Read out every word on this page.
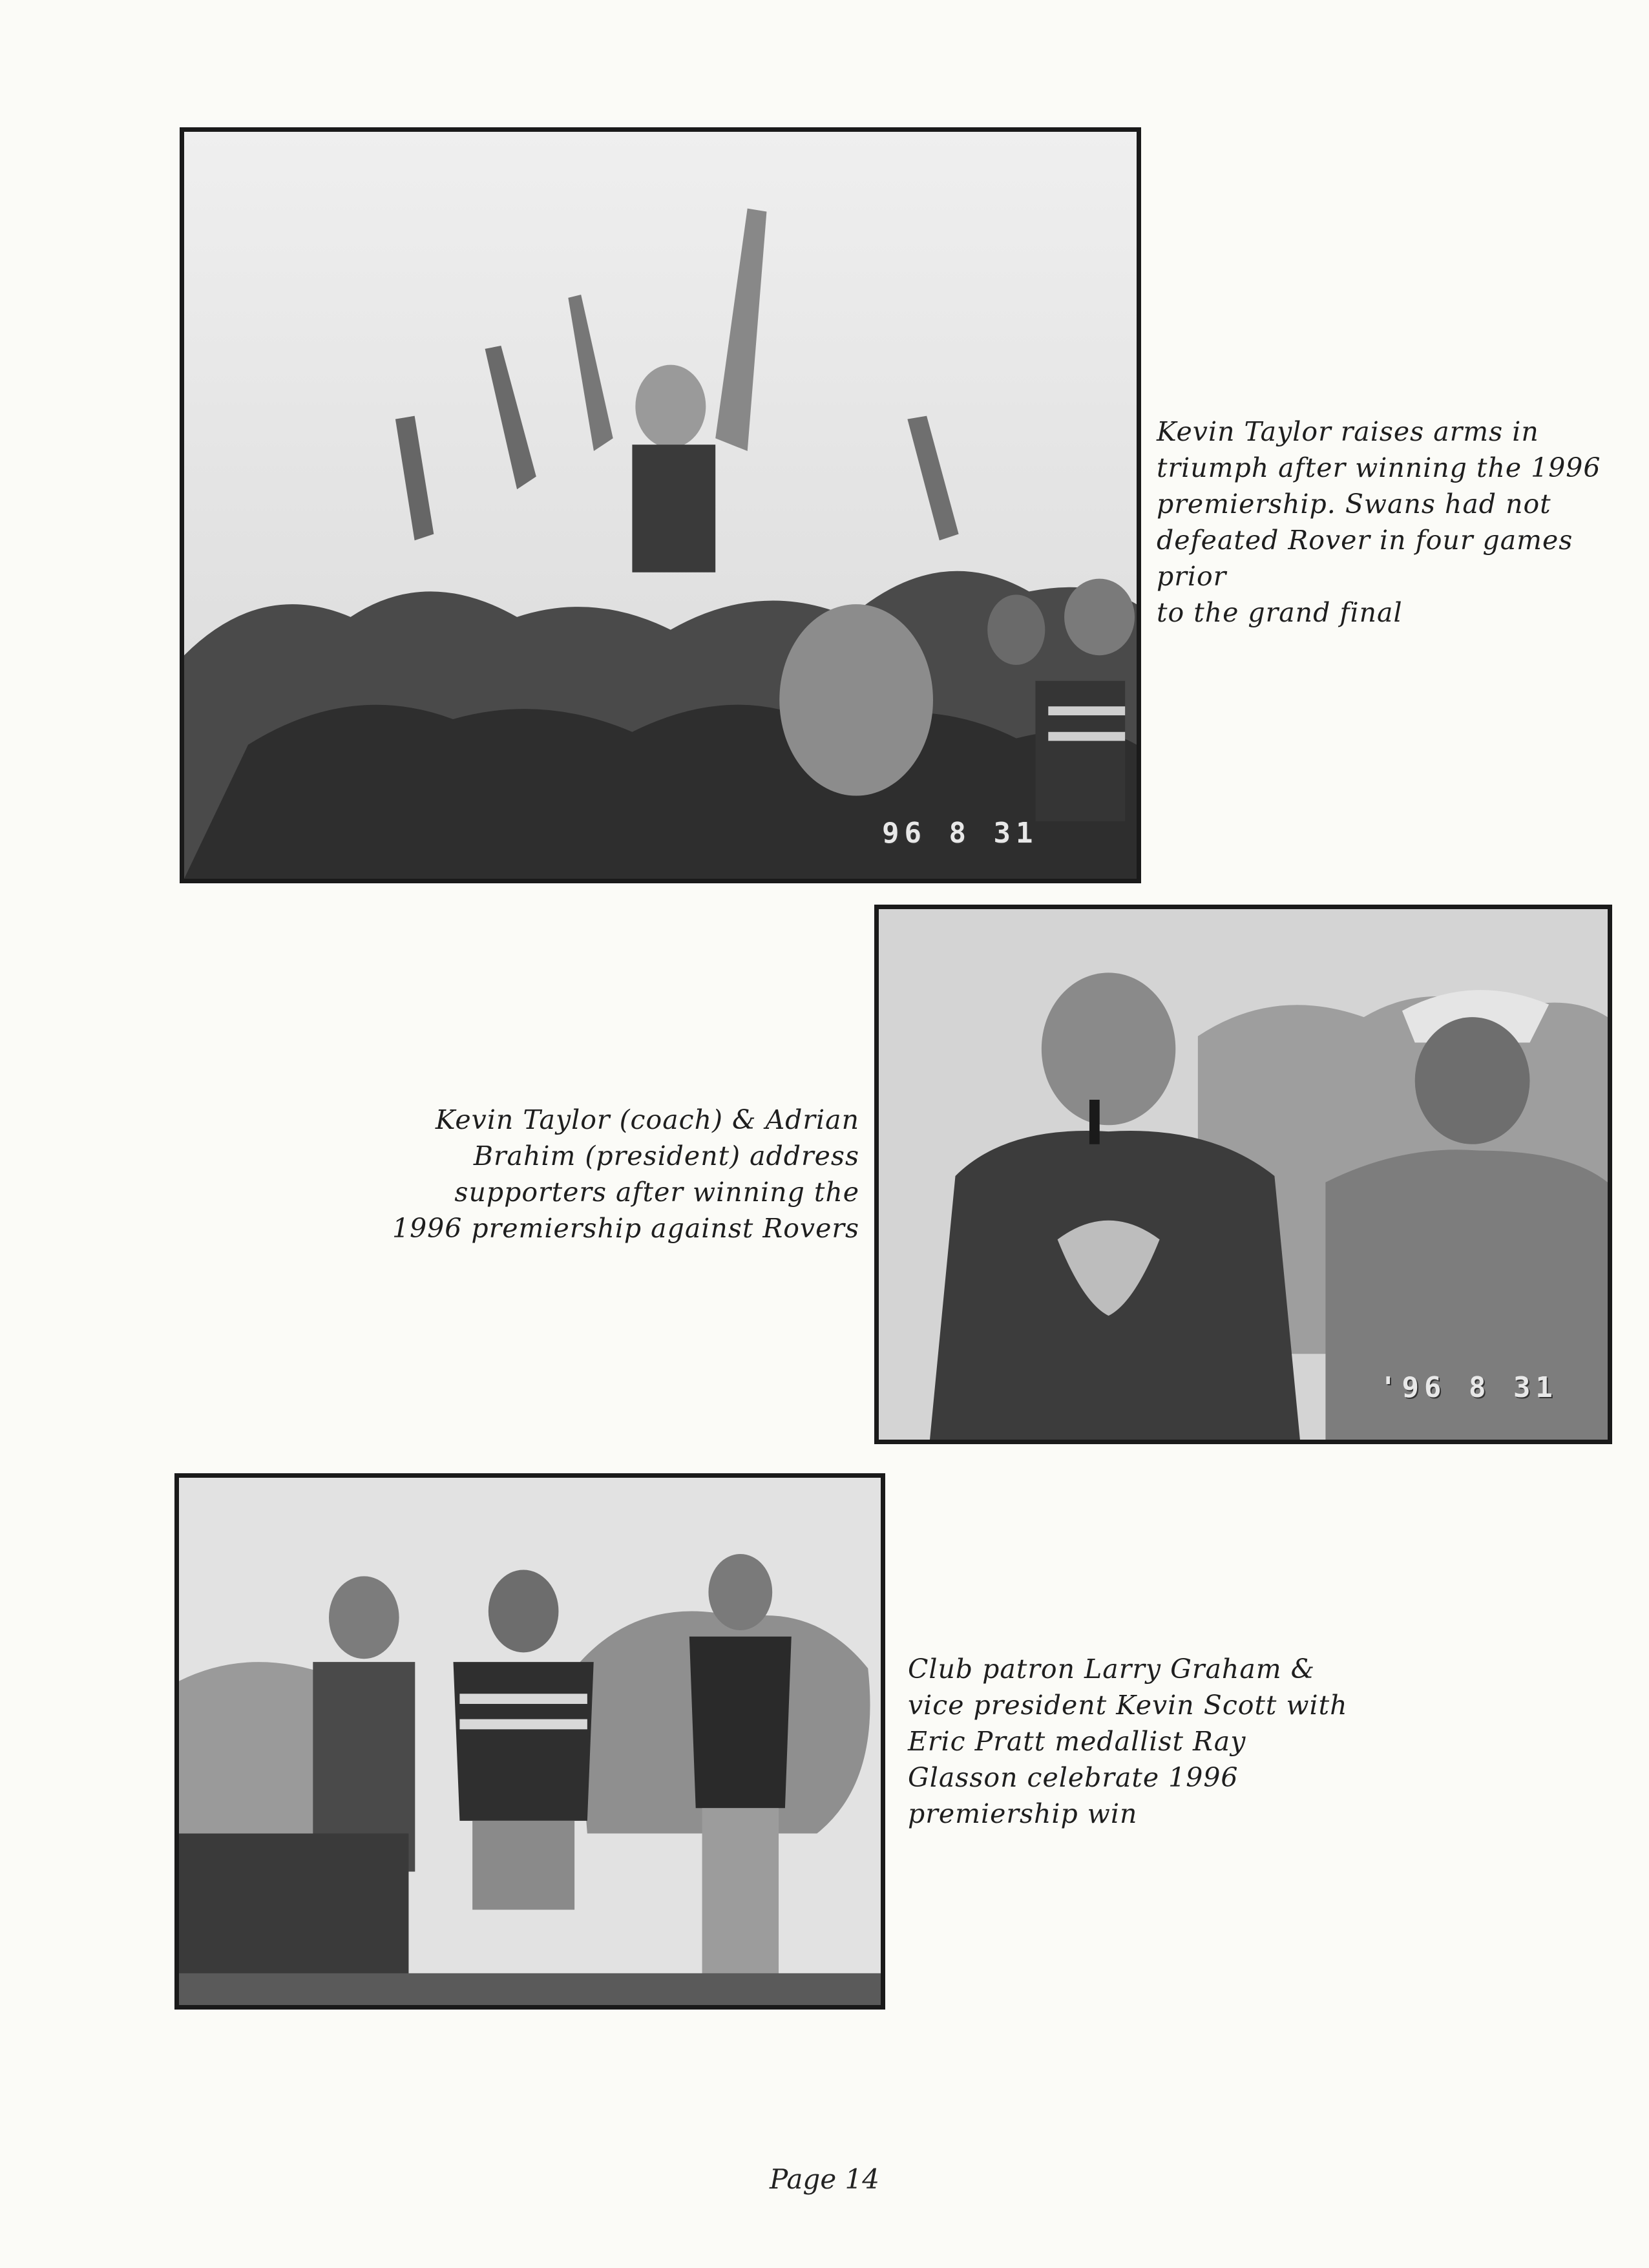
96 8 31
Kevin Taylor raises arms in
triumph after winning the 1996
premiership. Swans had not
defeated Rover in four games prior
to the grand final
'96 8 31
Kevin Taylor (coach) & Adrian
Brahim (president) address
supporters after winning the
1996 premiership against Rovers
Club patron Larry Graham &
vice president Kevin Scott with
Eric Pratt medallist Ray
Glasson celebrate 1996
premiership win
Page 14
